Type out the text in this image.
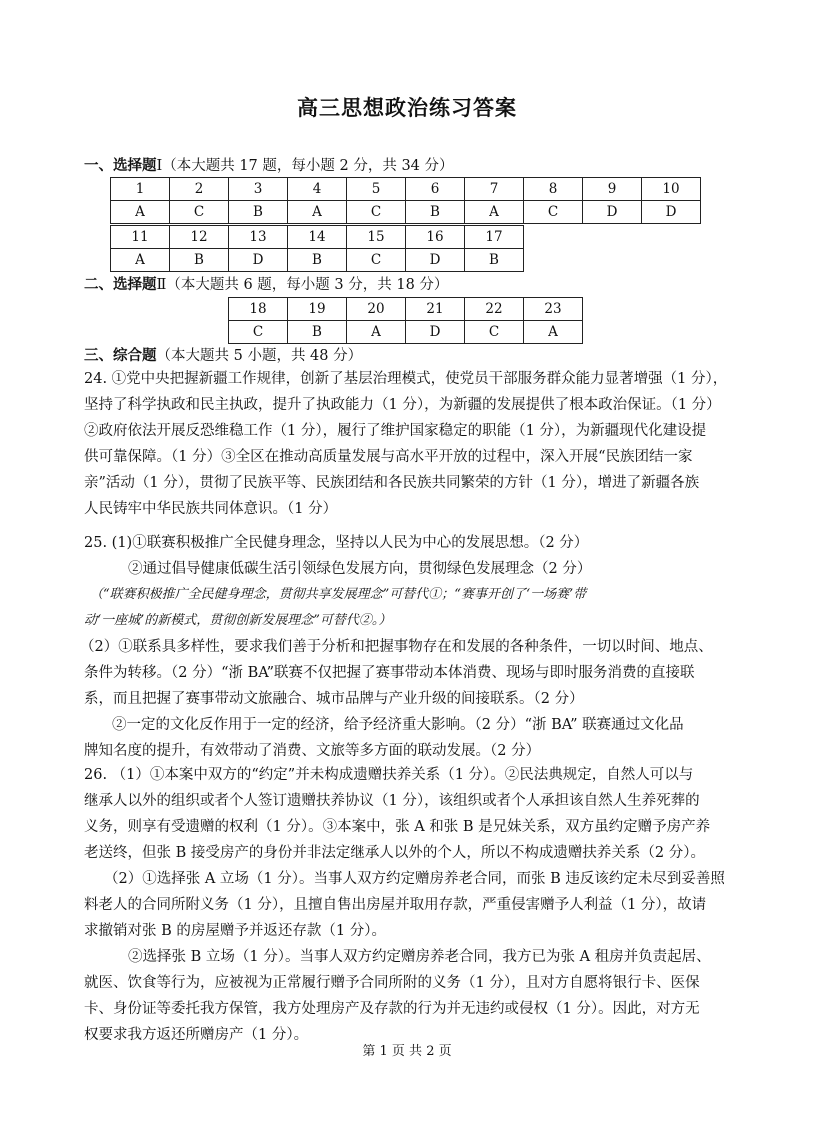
高三思想政治练习答案
一、选择题Ⅰ（本大题共 17 题，每小题 2 分，共 34 分）
1	2	3	4	5	6	7	8	9	10
A	C	B	A	C	B	A	C	D	D
11	12	13	14	15	16	17
A	B	D	B	C	D	B
二、选择题Ⅱ（本大题共 6 题，每小题 3 分，共 18 分）
18	19	20	21	22	23
C	B	A	D	C	A
三、综合题（本大题共 5 小题，共 48 分）
24. ①党中央把握新疆工作规律，创新了基层治理模式，使党员干部服务群众能力显著增强（1 分），
坚持了科学执政和民主执政，提升了执政能力（1 分），为新疆的发展提供了根本政治保证。（1 分）
②政府依法开展反恐维稳工作（1 分），履行了维护国家稳定的职能（1 分），为新疆现代化建设提
供可靠保障。（1 分）③全区在推动高质量发展与高水平开放的过程中，深入开展“民族团结一家
亲”活动（1 分），贯彻了民族平等、民族团结和各民族共同繁荣的方针（1 分），增进了新疆各族
人民铸牢中华民族共同体意识。（1 分）
25. (1)①联赛积极推广全民健身理念，坚持以人民为中心的发展思想。（2 分）
②通过倡导健康低碳生活引领绿色发展方向，贯彻绿色发展理念（2 分）
（“联赛积极推广全民健身理念，贯彻共享发展理念”可替代①；“赛事开创了‘一场赛’带
动‘一座城’的新模式，贯彻创新发展理念”可替代②。）
（2）①联系具多样性，要求我们善于分析和把握事物存在和发展的各种条件，一切以时间、地点、
条件为转移。（2 分）“浙 BA”联赛不仅把握了赛事带动本体消费、现场与即时服务消费的直接联
系，而且把握了赛事带动文旅融合、城市品牌与产业升级的间接联系。（2 分）
②一定的文化反作用于一定的经济，给予经济重大影响。（2 分）“浙 BA” 联赛通过文化品
牌知名度的提升，有效带动了消费、文旅等多方面的联动发展。（2 分）
26. （1）①本案中双方的“约定”并未构成遗赠扶养关系（1 分）。②民法典规定，自然人可以与
继承人以外的组织或者个人签订遗赠扶养协议（1 分），该组织或者个人承担该自然人生养死葬的
义务，则享有受遗赠的权利（1 分）。③本案中，张 A 和张 B 是兄妹关系，双方虽约定赠予房产养
老送终，但张 B 接受房产的身份并非法定继承人以外的个人，所以不构成遗赠扶养关系（2 分）。
（2）①选择张 A 立场（1 分）。当事人双方约定赠房养老合同，而张 B 违反该约定未尽到妥善照
料老人的合同所附义务（1 分），且擅自售出房屋并取用存款，严重侵害赠予人利益（1 分），故请
求撤销对张 B 的房屋赠予并返还存款（1 分）。
②选择张 B 立场（1 分）。当事人双方约定赠房养老合同，我方已为张 A 租房并负责起居、
就医、饮食等行为，应被视为正常履行赠予合同所附的义务（1 分），且对方自愿将银行卡、医保
卡、身份证等委托我方保管，我方处理房产及存款的行为并无违约或侵权（1 分）。因此，对方无
权要求我方返还所赠房产（1 分）。
第 1 页 共 2 页
